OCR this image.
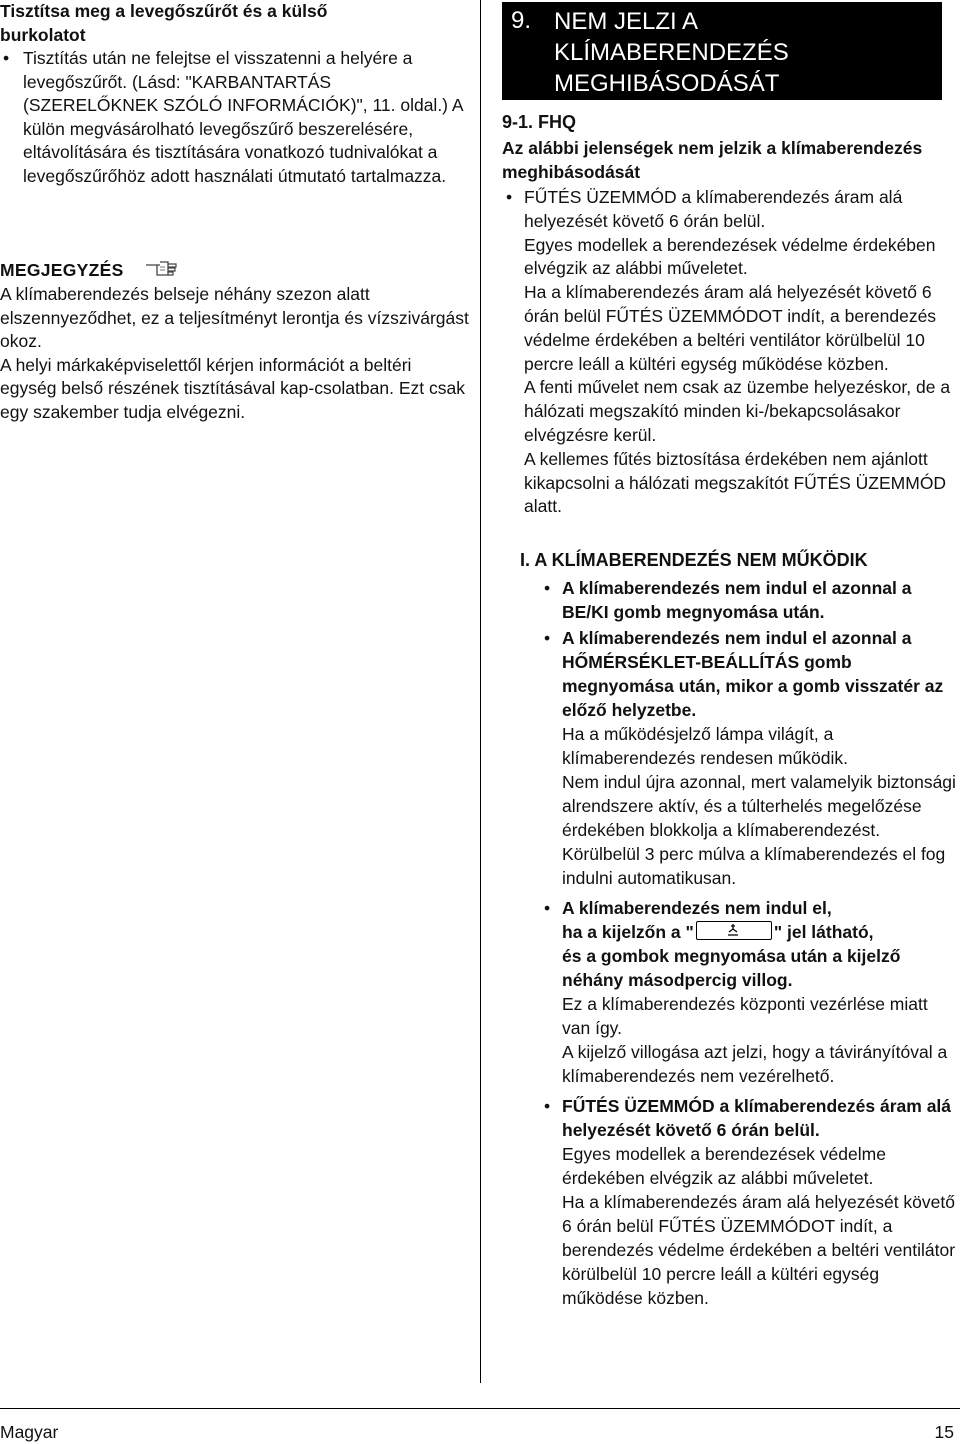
Tisztítsa meg a levegőszűrőt és a külső
burkolatot
• Tisztítás után ne felejtse el visszatenni a helyére a levegőszűrőt. (Lásd: "KARBANTARTÁS (SZERELŐKNEK SZÓLÓ INFORMÁCIÓK)", 11. oldal.) A külön megvásárolható levegőszűrő beszerelésére, eltávolítására és tisztítására vonatkozó tudnivalókat a levegőszűrőhöz adott használati útmutató tartalmazza.
MEGJEGYZÉS

A klímaberendezés belseje néhány szezon alatt elszennyeződhet, ez a teljesítményt lerontja és vízszivárgást okoz.

A helyi márkaképviselettől kérjen információt a beltéri egység belső részének tisztításával kap-csolatban. Ezt csak egy szakember tudja elvégezni.

9. NEM JELZI A
KLÍMABERENDEZÉS
MEGHIBÁSODÁSÁT
9-1. FHQ
Az alábbi jelenségek nem jelzik a klímaberendezés meghibásodását
• FŰTÉS ÜZEMMÓD a klímaberendezés áram alá helyezését követő 6 órán belül.

Egyes modellek a berendezések védelme érdekében elvégzik az alábbi műveletet.

Ha a klímaberendezés áram alá helyezését követő 6 órán belül FŰTÉS ÜZEMMÓDOT indít, a berendezés védelme érdekében a beltéri ventilátor körülbelül 10 percre leáll a kültéri egység működése közben.

A fenti művelet nem csak az üzembe helyezéskor, de a hálózati megszakító minden ki-/bekapcsolásakor elvégzésre kerül.

A kellemes fűtés biztosítása érdekében nem ajánlott kikapcsolni a hálózati megszakítót FŰTÉS ÜZEMMÓD alatt.

I. A KLÍMABERENDEZÉS NEM MŰKÖDIK
• A klímaberendezés nem indul el azonnal a BE/KI gomb megnyomása után.

• A klímaberendezés nem indul el azonnal a HŐMÉRSÉKLET-BEÁLLÍTÁS gomb megnyomása után, mikor a gomb visszatér az előző helyzetbe.

Ha a működésjelző lámpa világít, a klímaberendezés rendesen működik.

Nem indul újra azonnal, mert valamelyik biztonsági alrendszere aktív, és a túlterhelés megelőzése érdekében blokkolja a klímaberendezést.

Körülbelül 3 perc múlva a klímaberendezés el fog indulni automatikusan.

• A klímaberendezés nem indul el,

ha a kijelzőn a "	" jel látható,

és a gombok megnyomása után a kijelző néhány másodpercig villog.

Ez a klímaberendezés központi vezérlése miatt van így.

A kijelző villogása azt jelzi, hogy a távirányítóval a klímaberendezés nem vezérelhető.

• FŰTÉS ÜZEMMÓD a klímaberendezés áram alá helyezését követő 6 órán belül.

Egyes modellek a berendezések védelme érdekében elvégzik az alábbi műveletet.

Ha a klímaberendezés áram alá helyezését követő 6 órán belül FŰTÉS ÜZEMMÓDOT indít, a berendezés védelme érdekében a beltéri ventilátor körülbelül 10 percre leáll a kültéri egység működése közben.

Magyar	15
